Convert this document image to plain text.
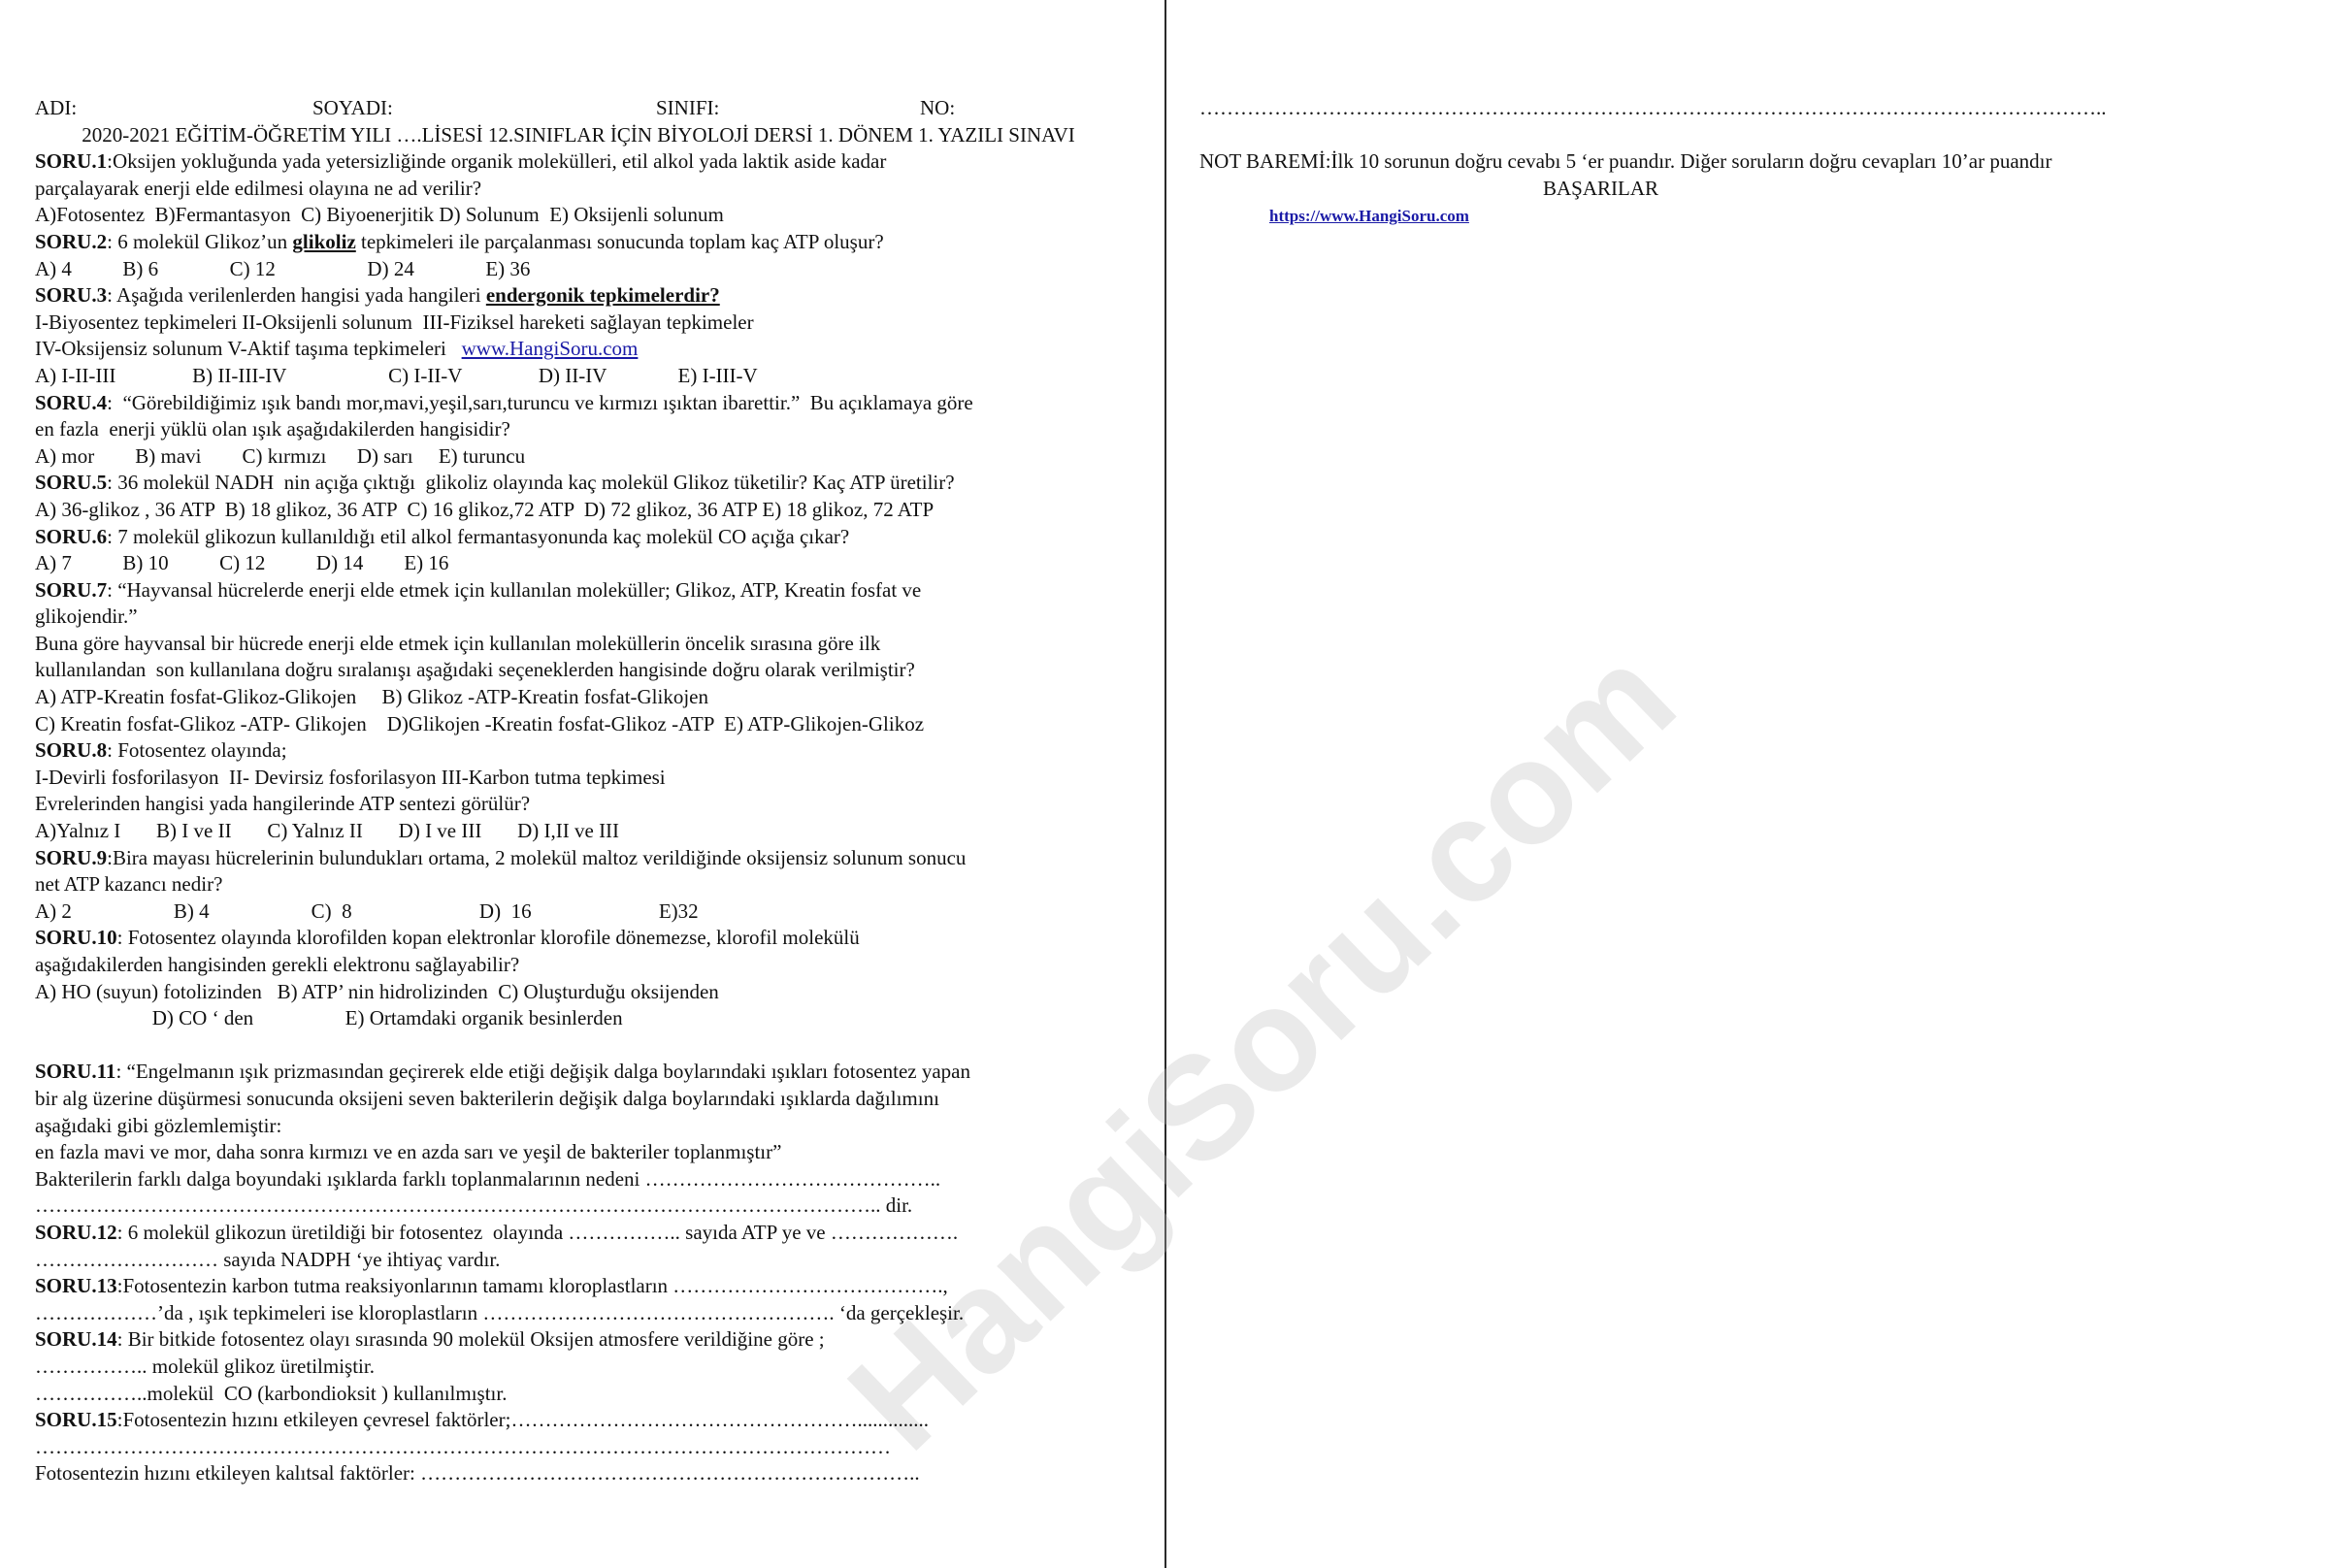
HangiSoru.com
ADI:	SOYADI:	SINIFI:	NO:
2020-2021 EĞİTİM-ÖĞRETİM YILI ….LİSESİ 12.SINIFLAR İÇİN BİYOLOJİ DERSİ 1. DÖNEM 1. YAZILI SINAVI
SORU.1:Oksijen yokluğunda yada yetersizliğinde organik molekülleri, etil alkol yada laktik aside kadar
parçalayarak enerji elde edilmesi olayına ne ad verilir?
A)Fotosentez  B)Fermantasyon  C) Biyoenerjitik D) Solunum  E) Oksijenli solunum
SORU.2: 6 molekül Glikoz’un glikoliz tepkimeleri ile parçalanması sonucunda toplam kaç ATP oluşur?
A) 4          B) 6              C) 12                  D) 24              E) 36
SORU.3: Aşağıda verilenlerden hangisi yada hangileri endergonik tepkimelerdir?
I-Biyosentez tepkimeleri II-Oksijenli solunum  III-Fiziksel hareketi sağlayan tepkimeler
IV-Oksijensiz solunum V-Aktif taşıma tepkimeleri   www.HangiSoru.com
A) I-II-III               B) II-III-IV                    C) I-II-V               D) II-IV              E) I-III-V
SORU.4:  “Görebildiğimiz ışık bandı mor,mavi,yeşil,sarı,turuncu ve kırmızı ışıktan ibarettir.”  Bu açıklamaya göre
en fazla  enerji yüklü olan ışık aşağıdakilerden hangisidir?
A) mor        B) mavi        C) kırmızı      D) sarı     E) turuncu
SORU.5: 36 molekül NADH  nin açığa çıktığı  glikoliz olayında kaç molekül Glikoz tüketilir? Kaç ATP üretilir?
A) 36-glikoz , 36 ATP  B) 18 glikoz, 36 ATP  C) 16 glikoz,72 ATP  D) 72 glikoz, 36 ATP E) 18 glikoz, 72 ATP
SORU.6: 7 molekül glikozun kullanıldığı etil alkol fermantasyonunda kaç molekül CO açığa çıkar?
A) 7          B) 10          C) 12          D) 14        E) 16
SORU.7: “Hayvansal hücrelerde enerji elde etmek için kullanılan moleküller; Glikoz, ATP, Kreatin fosfat ve
glikojendir.”
Buna göre hayvansal bir hücrede enerji elde etmek için kullanılan moleküllerin öncelik sırasına göre ilk
kullanılandan  son kullanılana doğru sıralanışı aşağıdaki seçeneklerden hangisinde doğru olarak verilmiştir?
A) ATP-Kreatin fosfat-Glikoz-Glikojen     B) Glikoz -ATP-Kreatin fosfat-Glikojen
C) Kreatin fosfat-Glikoz -ATP- Glikojen    D)Glikojen -Kreatin fosfat-Glikoz -ATP  E) ATP-Glikojen-Glikoz
SORU.8: Fotosentez olayında;
I-Devirli fosforilasyon  II- Devirsiz fosforilasyon III-Karbon tutma tepkimesi
Evrelerinden hangisi yada hangilerinde ATP sentezi görülür?
A)Yalnız I       B) I ve II       C) Yalnız II       D) I ve III       D) I,II ve III
SORU.9:Bira mayası hücrelerinin bulundukları ortama, 2 molekül maltoz verildiğinde oksijensiz solunum sonucu
net ATP kazancı nedir?
A) 2                    B) 4                    C)  8                         D)  16                         E)32
SORU.10: Fotosentez olayında klorofilden kopan elektronlar klorofile dönemezse, klorofil molekülü
aşağıdakilerden hangisinden gerekli elektronu sağlayabilir?
A) HO (suyun) fotolizinden   B) ATP’ nin hidrolizinden  C) Oluşturduğu oksijenden
D) CO ‘ den                  E) Ortamdaki organik besinlerden
SORU.11: “Engelmanın ışık prizmasından geçirerek elde etiği değişik dalga boylarındaki ışıkları fotosentez yapan
bir alg üzerine düşürmesi sonucunda oksijeni seven bakterilerin değişik dalga boylarındaki ışıklarda dağılımını
aşağıdaki gibi gözlemlemiştir:
en fazla mavi ve mor, daha sonra kırmızı ve en azda sarı ve yeşil de bakteriler toplanmıştır”
Bakterilerin farklı dalga boyundaki ışıklarda farklı toplanmalarının nedeni ……………………………………..
…………………………………………………………………………………………………………….. dir.
SORU.12: 6 molekül glikozun üretildiği bir fotosentez  olayında …………….. sayıda ATP ye ve ……………….
……………………… sayıda NADPH ‘ye ihtiyaç vardır.
SORU.13:Fotosentezin karbon tutma reaksiyonlarının tamamı kloroplastların ………………………………….,
………………’da , ışık tepkimeleri ise kloroplastların ……………………………………………. ‘da gerçekleşir.
SORU.14: Bir bitkide fotosentez olayı sırasında 90 molekül Oksijen atmosfere verildiğine göre ;
…………….. molekül glikoz üretilmiştir.
……………..molekül  CO (karbondioksit ) kullanılmıştır.
SORU.15:Fotosentezin hızını etkileyen çevresel faktörler;……………………………………………..............
………………………………………………………………………………………………………………
Fotosentezin hızını etkileyen kalıtsal faktörler: ………………………………………………………………..
……………………………………………………………………………………………………………………..
NOT BAREMİ:İlk 10 sorunun doğru cevabı 5 ‘er puandır. Diğer soruların doğru cevapları 10’ar puandır
BAŞARILAR
https://www.HangiSoru.com
